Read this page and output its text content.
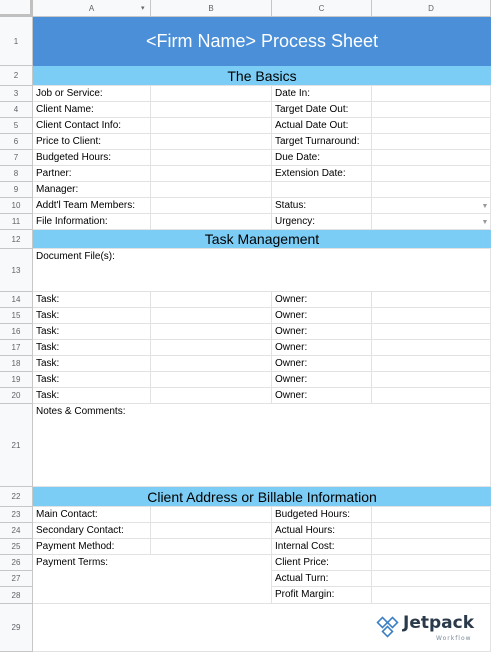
A	▾	B	C	D
1
2
3
4
5
6
7
8
9
10
11
12
13
14
15
16
17
18
19
20
21
22
23
24
25
26
27
28
29
<Firm Name> Process Sheet
The Basics
Job or Service:	Date In:
Client Name:	Target Date Out:
Client Contact Info:	Actual Date Out:
Price to Client:	Target Turnaround:
Budgeted Hours:	Due Date:
Partner:	Extension Date:
Manager:
Addt'l Team Members:	Status:	▼
File Information:	Urgency:	▼
Task Management
Document File(s):
Task:	Owner:
Task:	Owner:
Task:	Owner:
Task:	Owner:
Task:	Owner:
Task:	Owner:
Task:	Owner:
Notes & Comments:
Client Address or Billable Information
Main Contact:	Budgeted Hours:
Secondary Contact:	Actual Hours:
Payment Method:	Internal Cost:
Payment Terms:	Client Price:
Actual Turn:
Profit Margin:
Jetpack
Workflow
